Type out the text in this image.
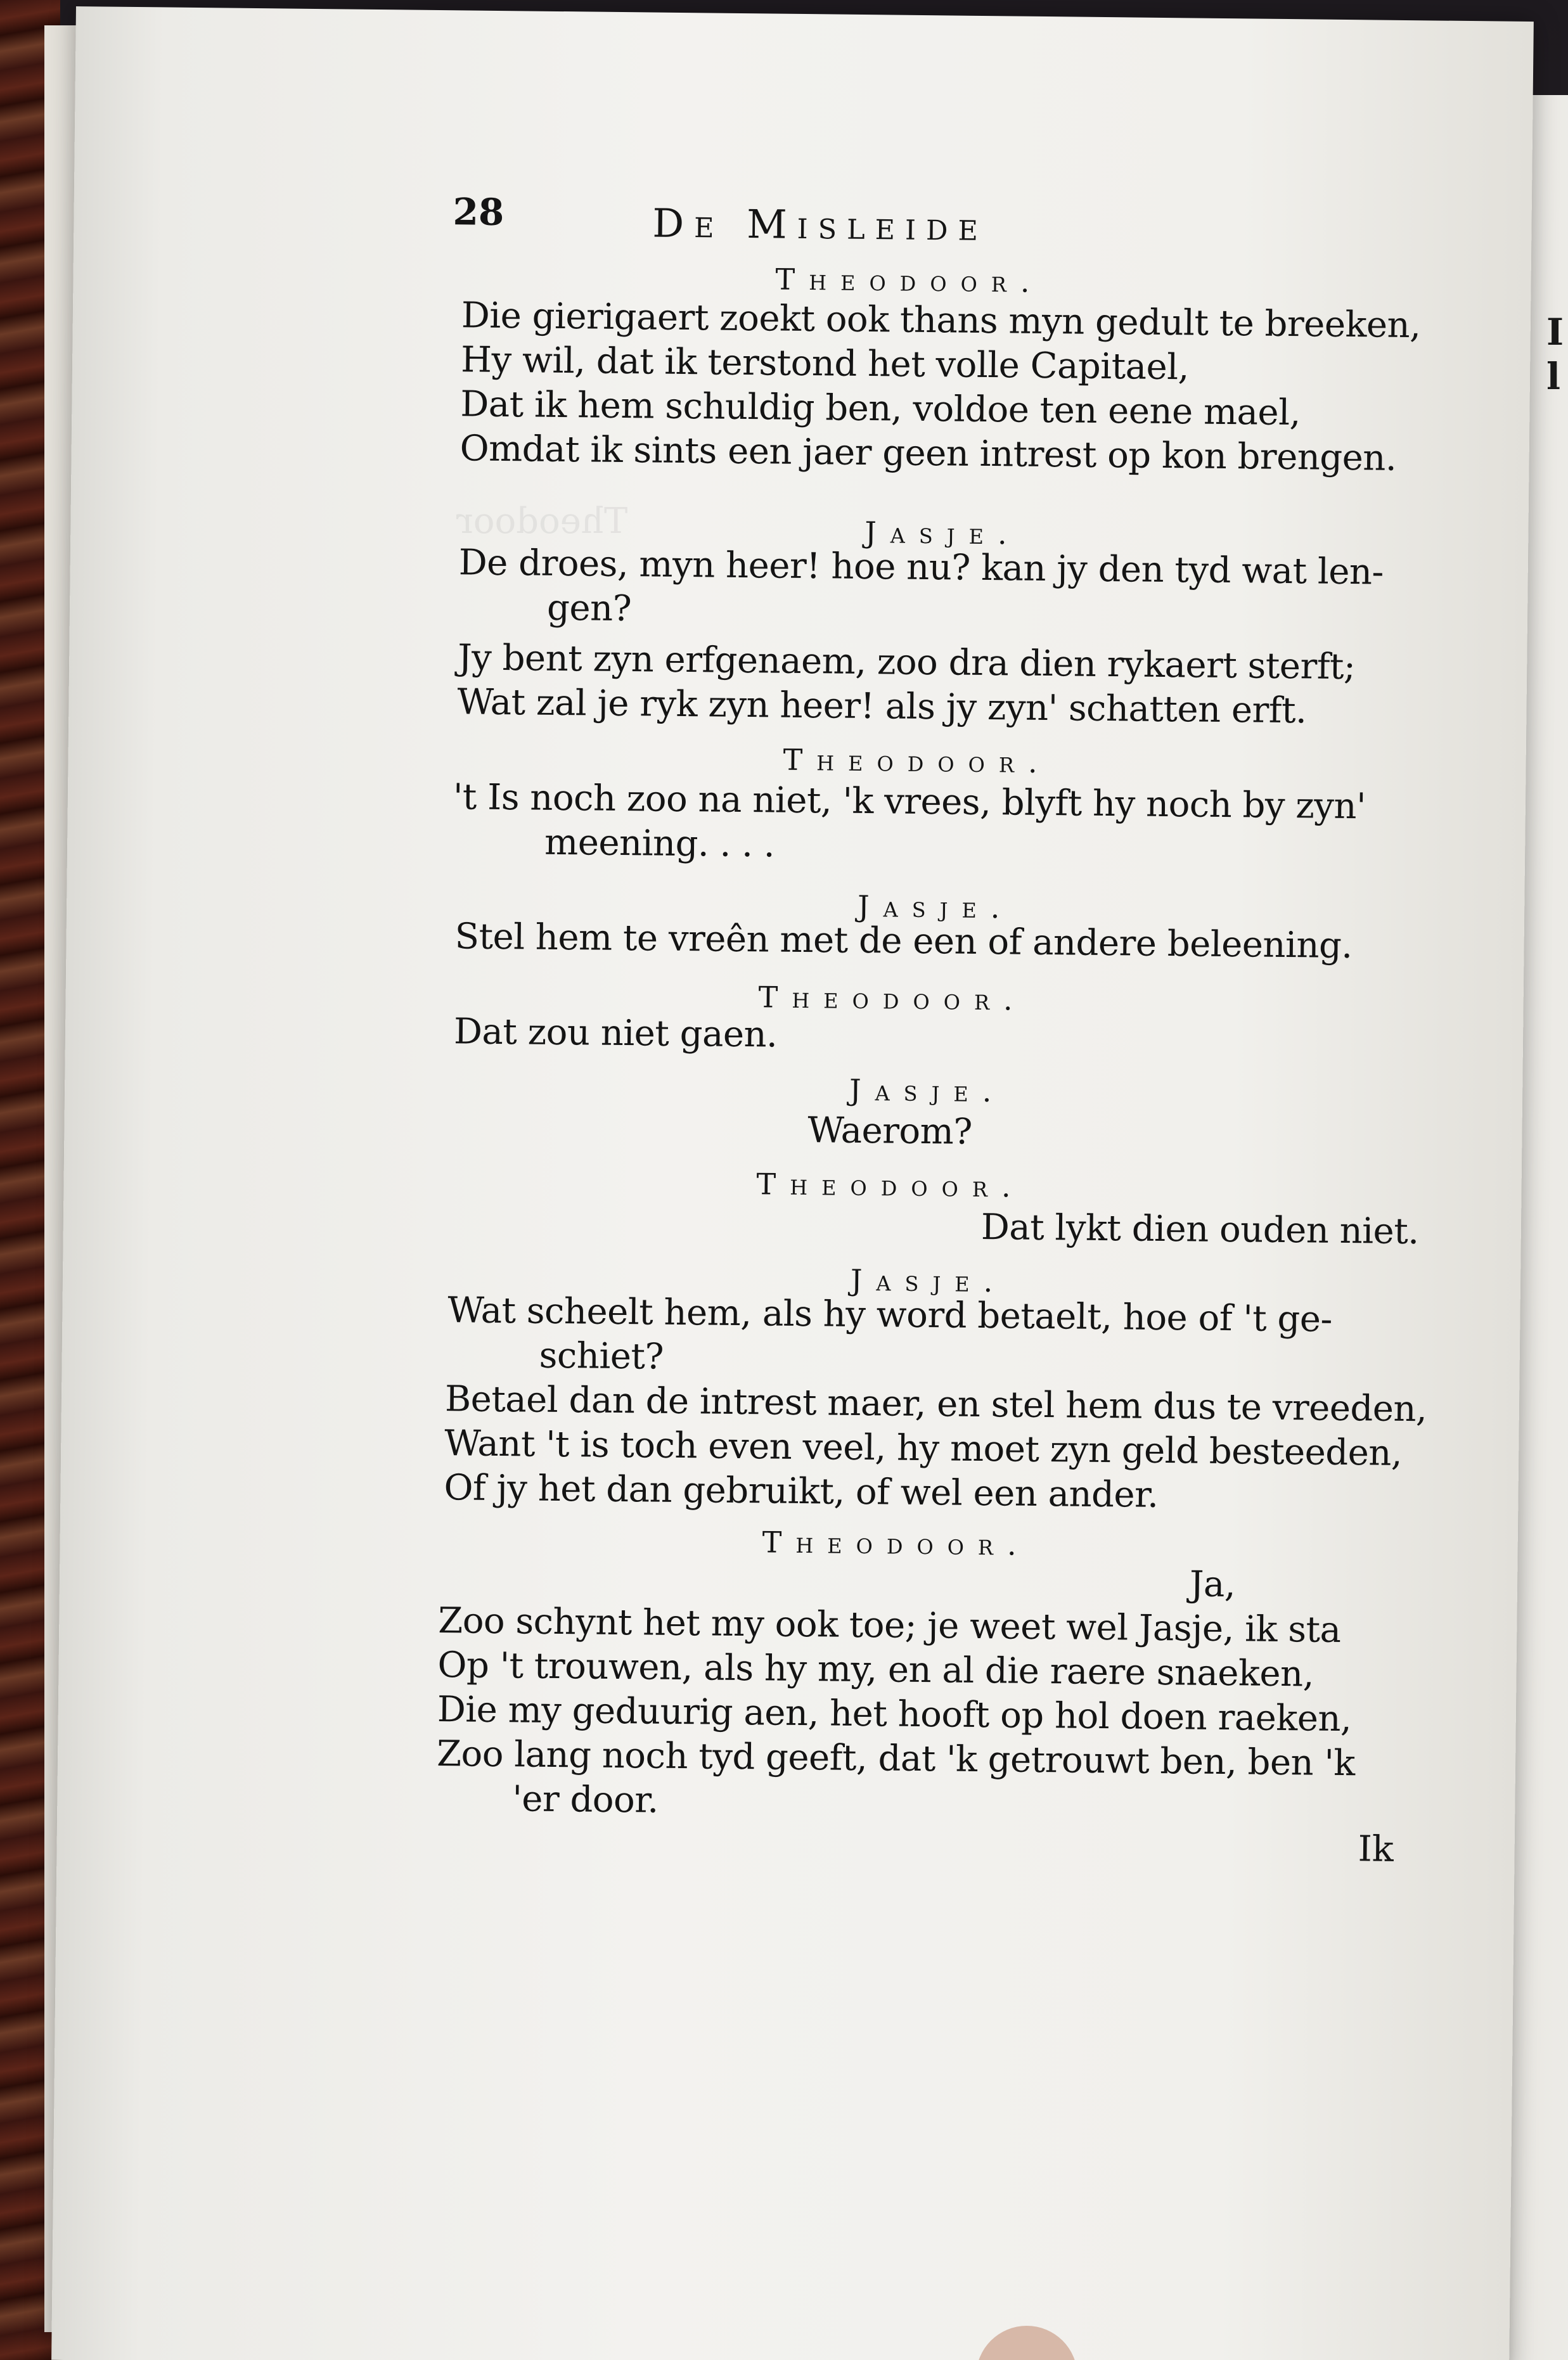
I
l
Theodoor
28	De Misleide
Theodoor.
Die gierigaert zoekt ook thans myn gedult te breeken,
Hy wil, dat ik terstond het volle Capitael,
Dat ik hem schuldig ben, voldoe ten eene mael,
Omdat ik sints een jaer geen intrest op kon brengen.
Jasje.
De droes, myn heer! hoe nu? kan jy den tyd wat len-
gen?
Jy bent zyn erfgenaem, zoo dra dien rykaert sterft;
Wat zal je ryk zyn heer! als jy zyn' schatten erft.
Theodoor.
't Is noch zoo na niet, 'k vrees, blyft hy noch by zyn'
meening. . . .
Jasje.
Stel hem te vreên met de een of andere beleening.
Theodoor.
Dat zou niet gaen.
Jasje.
Waerom?
Theodoor.
Dat lykt dien ouden niet.
Jasje.
Wat scheelt hem, als hy word betaelt, hoe of 't ge-
schiet?
Betael dan de intrest maer, en stel hem dus te vreeden,
Want 't is toch even veel, hy moet zyn geld besteeden,
Of jy het dan gebruikt, of wel een ander.
Theodoor.
Ja,
Zoo schynt het my ook toe; je weet wel Jasje, ik sta
Op 't trouwen, als hy my, en al die raere snaeken,
Die my geduurig aen, het hooft op hol doen raeken,
Zoo lang noch tyd geeft, dat 'k getrouwt ben, ben 'k
'er door.
Ik
